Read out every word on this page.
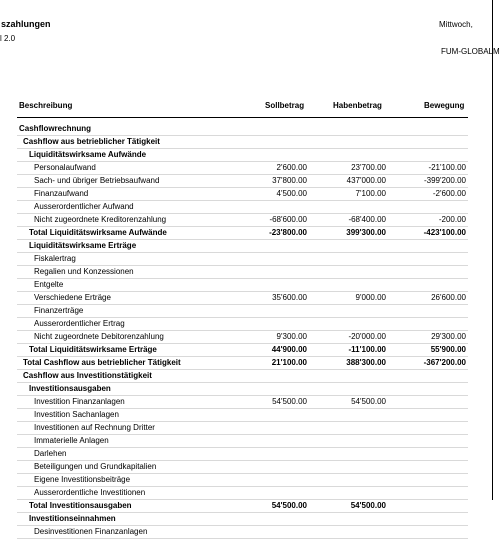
szahlungen
l 2.0
Mittwoch,
FUM-GLOBALM
Beschreibung	Sollbetrag	Habenbetrag	Bewegung
Cashflowrechnung
Cashflow aus betrieblicher Tätigkeit
Liquiditätswirksame Aufwände
Personalaufwand	2'600.00	23'700.00	-21'100.00
Sach- und übriger Betriebsaufwand	37'800.00	437'000.00	-399'200.00
Finanzaufwand	4'500.00	7'100.00	-2'600.00
Ausserordentlicher Aufwand
Nicht zugeordnete Kreditorenzahlung	-68'600.00	-68'400.00	-200.00
Total Liquiditätswirksame Aufwände	-23'800.00	399'300.00	-423'100.00
Liquiditätswirksame Erträge
Fiskalertrag
Regalien und Konzessionen
Entgelte
Verschiedene Erträge	35'600.00	9'000.00	26'600.00
Finanzerträge
Ausserordentlicher Ertrag
Nicht zugeordnete Debitorenzahlung	9'300.00	-20'000.00	29'300.00
Total Liquiditätswirksame Erträge	44'900.00	-11'100.00	55'900.00
Total Cashflow aus betrieblicher Tätigkeit	21'100.00	388'300.00	-367'200.00
Cashflow aus Investitionstätigkeit
Investitionsausgaben
Investition Finanzanlagen	54'500.00	54'500.00
Investition Sachanlagen
Investitionen auf Rechnung Dritter
Immaterielle Anlagen
Darlehen
Beteiligungen und Grundkapitalien
Eigene Investitionsbeiträge
Ausserordentliche Investitionen
Total Investitionsausgaben	54'500.00	54'500.00
Investitionseinnahmen
Desinvestitionen Finanzanlagen
